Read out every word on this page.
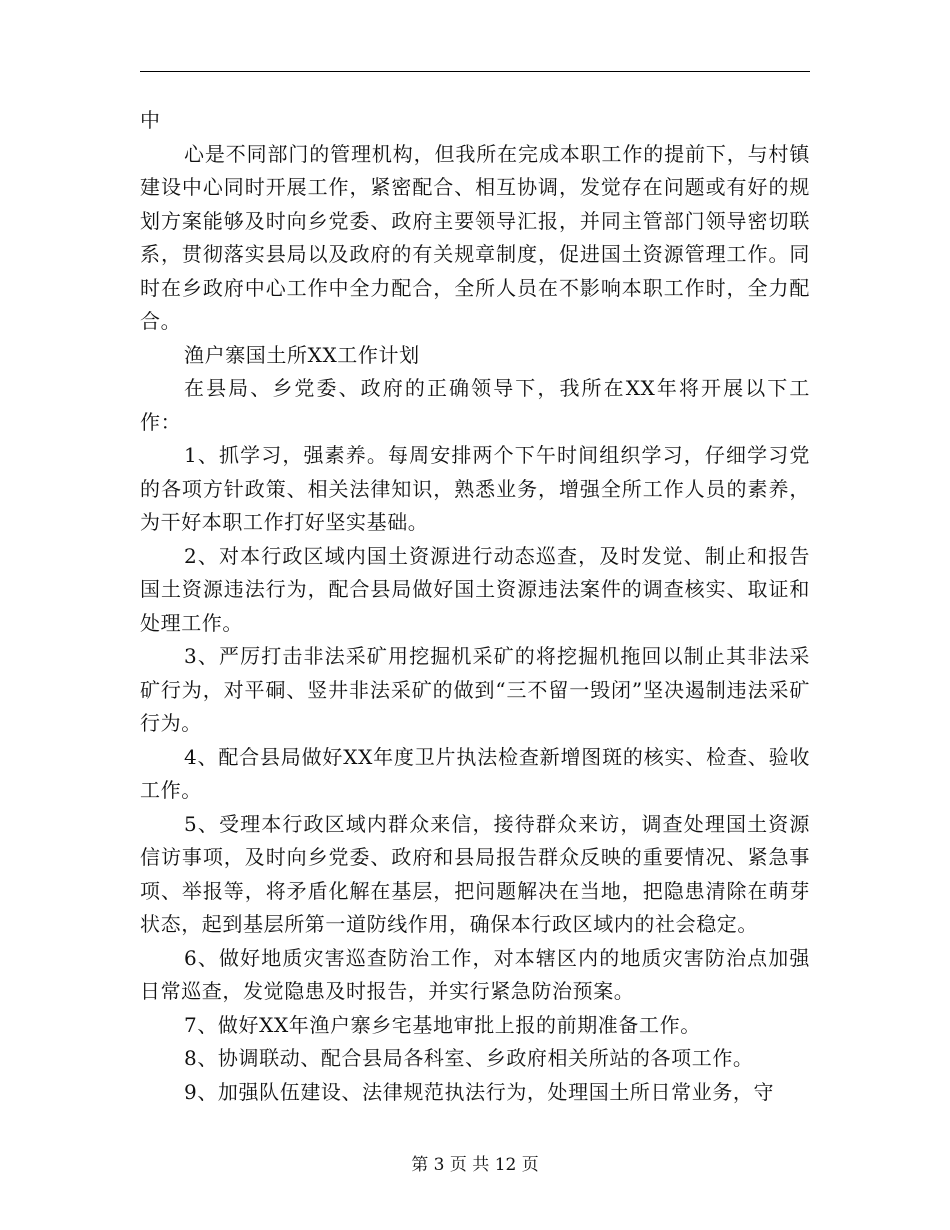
中

心是不同部门的管理机构，但我所在完成本职工作的提前下，与村镇建设中心同时开展工作，紧密配合、相互协调，发觉存在问题或有好的规划方案能够及时向乡党委、政府主要领导汇报，并同主管部门领导密切联系，贯彻落实县局以及政府的有关规章制度，促进国土资源管理工作。同时在乡政府中心工作中全力配合，全所人员在不影响本职工作时，全力配合。

渔户寨国土所XX工作计划

在县局、乡党委、政府的正确领导下，我所在XX年将开展以下工作：

1、抓学习，强素养。每周安排两个下午时间组织学习，仔细学习党的各项方针政策、相关法律知识，熟悉业务，增强全所工作人员的素养，为干好本职工作打好坚实基础。

2、对本行政区域内国土资源进行动态巡查，及时发觉、制止和报告国土资源违法行为，配合县局做好国土资源违法案件的调查核实、取证和处理工作。

3、严厉打击非法采矿用挖掘机采矿的将挖掘机拖回以制止其非法采矿行为，对平硐、竖井非法采矿的做到“三不留一毁闭”坚决遏制违法采矿行为。

4、配合县局做好XX年度卫片执法检查新增图斑的核实、检查、验收工作。

5、受理本行政区域内群众来信，接待群众来访，调查处理国土资源信访事项，及时向乡党委、政府和县局报告群众反映的重要情况、紧急事项、举报等，将矛盾化解在基层，把问题解决在当地，把隐患清除在萌芽状态，起到基层所第一道防线作用，确保本行政区域内的社会稳定。

6、做好地质灾害巡查防治工作，对本辖区内的地质灾害防治点加强日常巡查，发觉隐患及时报告，并实行紧急防治预案。

7、做好XX年渔户寨乡宅基地审批上报的前期准备工作。

8、协调联动、配合县局各科室、乡政府相关所站的各项工作。

9、加强队伍建设、法律规范执法行为，处理国土所日常业务，守

第 3 页 共 12 页
